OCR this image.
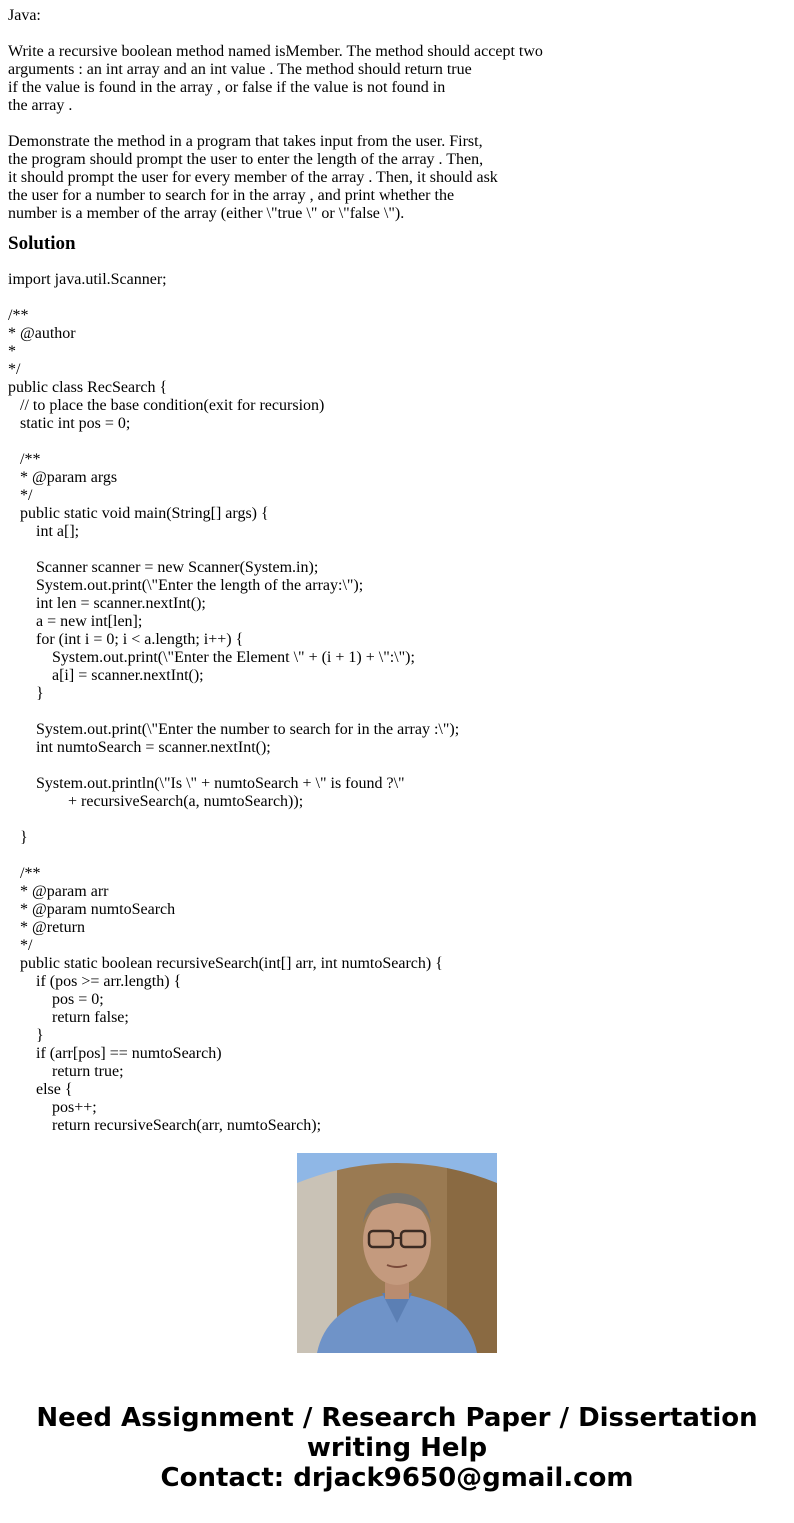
Java:
Write a recursive boolean method named isMember. The method should accept two
arguments : an int array and an int value . The method should return true
if the value is found in the array , or false if the value is not found in
the array .
Demonstrate the method in a program that takes input from the user. First,
the program should prompt the user to enter the length of the array . Then,
it should prompt the user for every member of the array . Then, it should ask
the user for a number to search for in the array , and print whether the
number is a member of the array (either \"true \" or \"false \").
Solution
import java.util.Scanner;
/**
* @author
*
*/
public class RecSearch {
// to place the base condition(exit for recursion)
static int pos = 0;
/**
* @param args
*/
public static void main(String[] args) {
int a[];
Scanner scanner = new Scanner(System.in);
System.out.print(\"Enter the length of the array:\");
int len = scanner.nextInt();
a = new int[len];
for (int i = 0; i < a.length; i++) {
System.out.print(\"Enter the Element \" + (i + 1) + \":\");
a[i] = scanner.nextInt();
}
System.out.print(\"Enter the number to search for in the array :\");
int numtoSearch = scanner.nextInt();
System.out.println(\"Is \" + numtoSearch + \" is found ?\"
+ recursiveSearch(a, numtoSearch));
}
/**
* @param arr
* @param numtoSearch
* @return
*/
public static boolean recursiveSearch(int[] arr, int numtoSearch) {
if (pos >= arr.length) {
pos = 0;
return false;
}
if (arr[pos] == numtoSearch)
return true;
else {
pos++;
return recursiveSearch(arr, numtoSearch);
Need Assignment / Research Paper / Dissertation
writing Help
Contact: drjack9650@gmail.com
